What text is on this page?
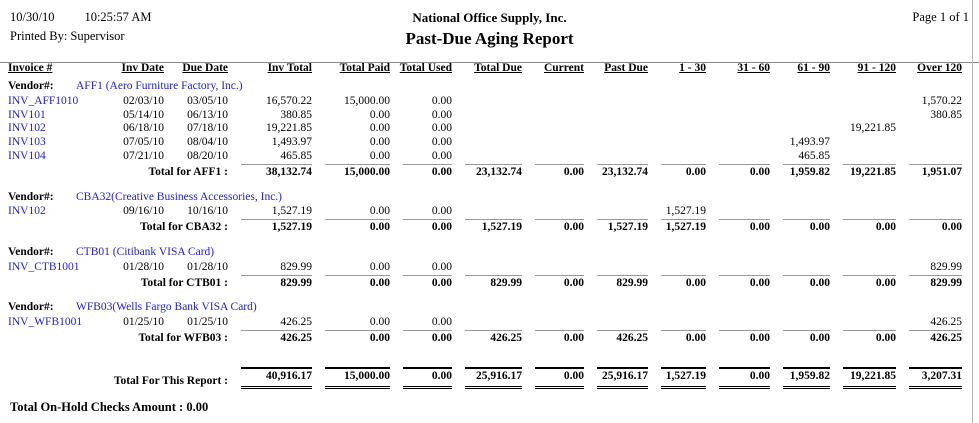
10/30/10 10:25:57 AM
Printed By: Supervisor
National Office Supply, Inc.
Past-Due Aging Report
Page 1 of 1
Invoice #	Inv Date	Due Date	Inv Total	Total Paid	Total Used	Total Due	Current	Past Due	1 - 30	31 - 60	61 - 90	91 - 120	Over 120
Vendor#: AFF1 (Aero Furniture Factory, Inc.)													
INV_AFF1010	02/03/10	03/05/10	16,570.22	15,000.00	0.00								1,570.22
INV101	05/14/10	06/13/10	380.85	0.00	0.00								380.85
INV102	06/18/10	07/18/10	19,221.85	0.00	0.00							19,221.85	
INV103	07/05/10	08/04/10	1,493.97	0.00	0.00						1,493.97		
INV104	07/21/10	08/20/10	465.85	0.00	0.00						465.85		
Total for AFF1 :			38,132.74	15,000.00	0.00	23,132.74	0.00	23,132.74	0.00	0.00	1,959.82	19,221.85	1,951.07

Vendor#: CBA32(Creative Business Accessories, Inc.)													
INV102	09/16/10	10/16/10	1,527.19	0.00	0.00				1,527.19				
Total for CBA32 :			1,527.19	0.00	0.00	1,527.19	0.00	1,527.19	1,527.19	0.00	0.00	0.00	0.00

Vendor#: CTB01 (Citibank VISA Card)													
INV_CTB1001	01/28/10	01/28/10	829.99	0.00	0.00								829.99
Total for CTB01 :			829.99	0.00	0.00	829.99	0.00	829.99	0.00	0.00	0.00	0.00	829.99

Vendor#: WFB03(Wells Fargo Bank VISA Card)													
INV_WFB1001	01/25/10	01/25/10	426.25	0.00	0.00								426.25
Total for WFB03 :			426.25	0.00	0.00	426.25	0.00	426.25	0.00	0.00	0.00	0.00	426.25

Total For This Report :			40,916.17	15,000.00	0.00	25,916.17	0.00	25,916.17	1,527.19	0.00	1,959.82	19,221.85	3,207.31
Total On-Hold Checks Amount : 0.00
